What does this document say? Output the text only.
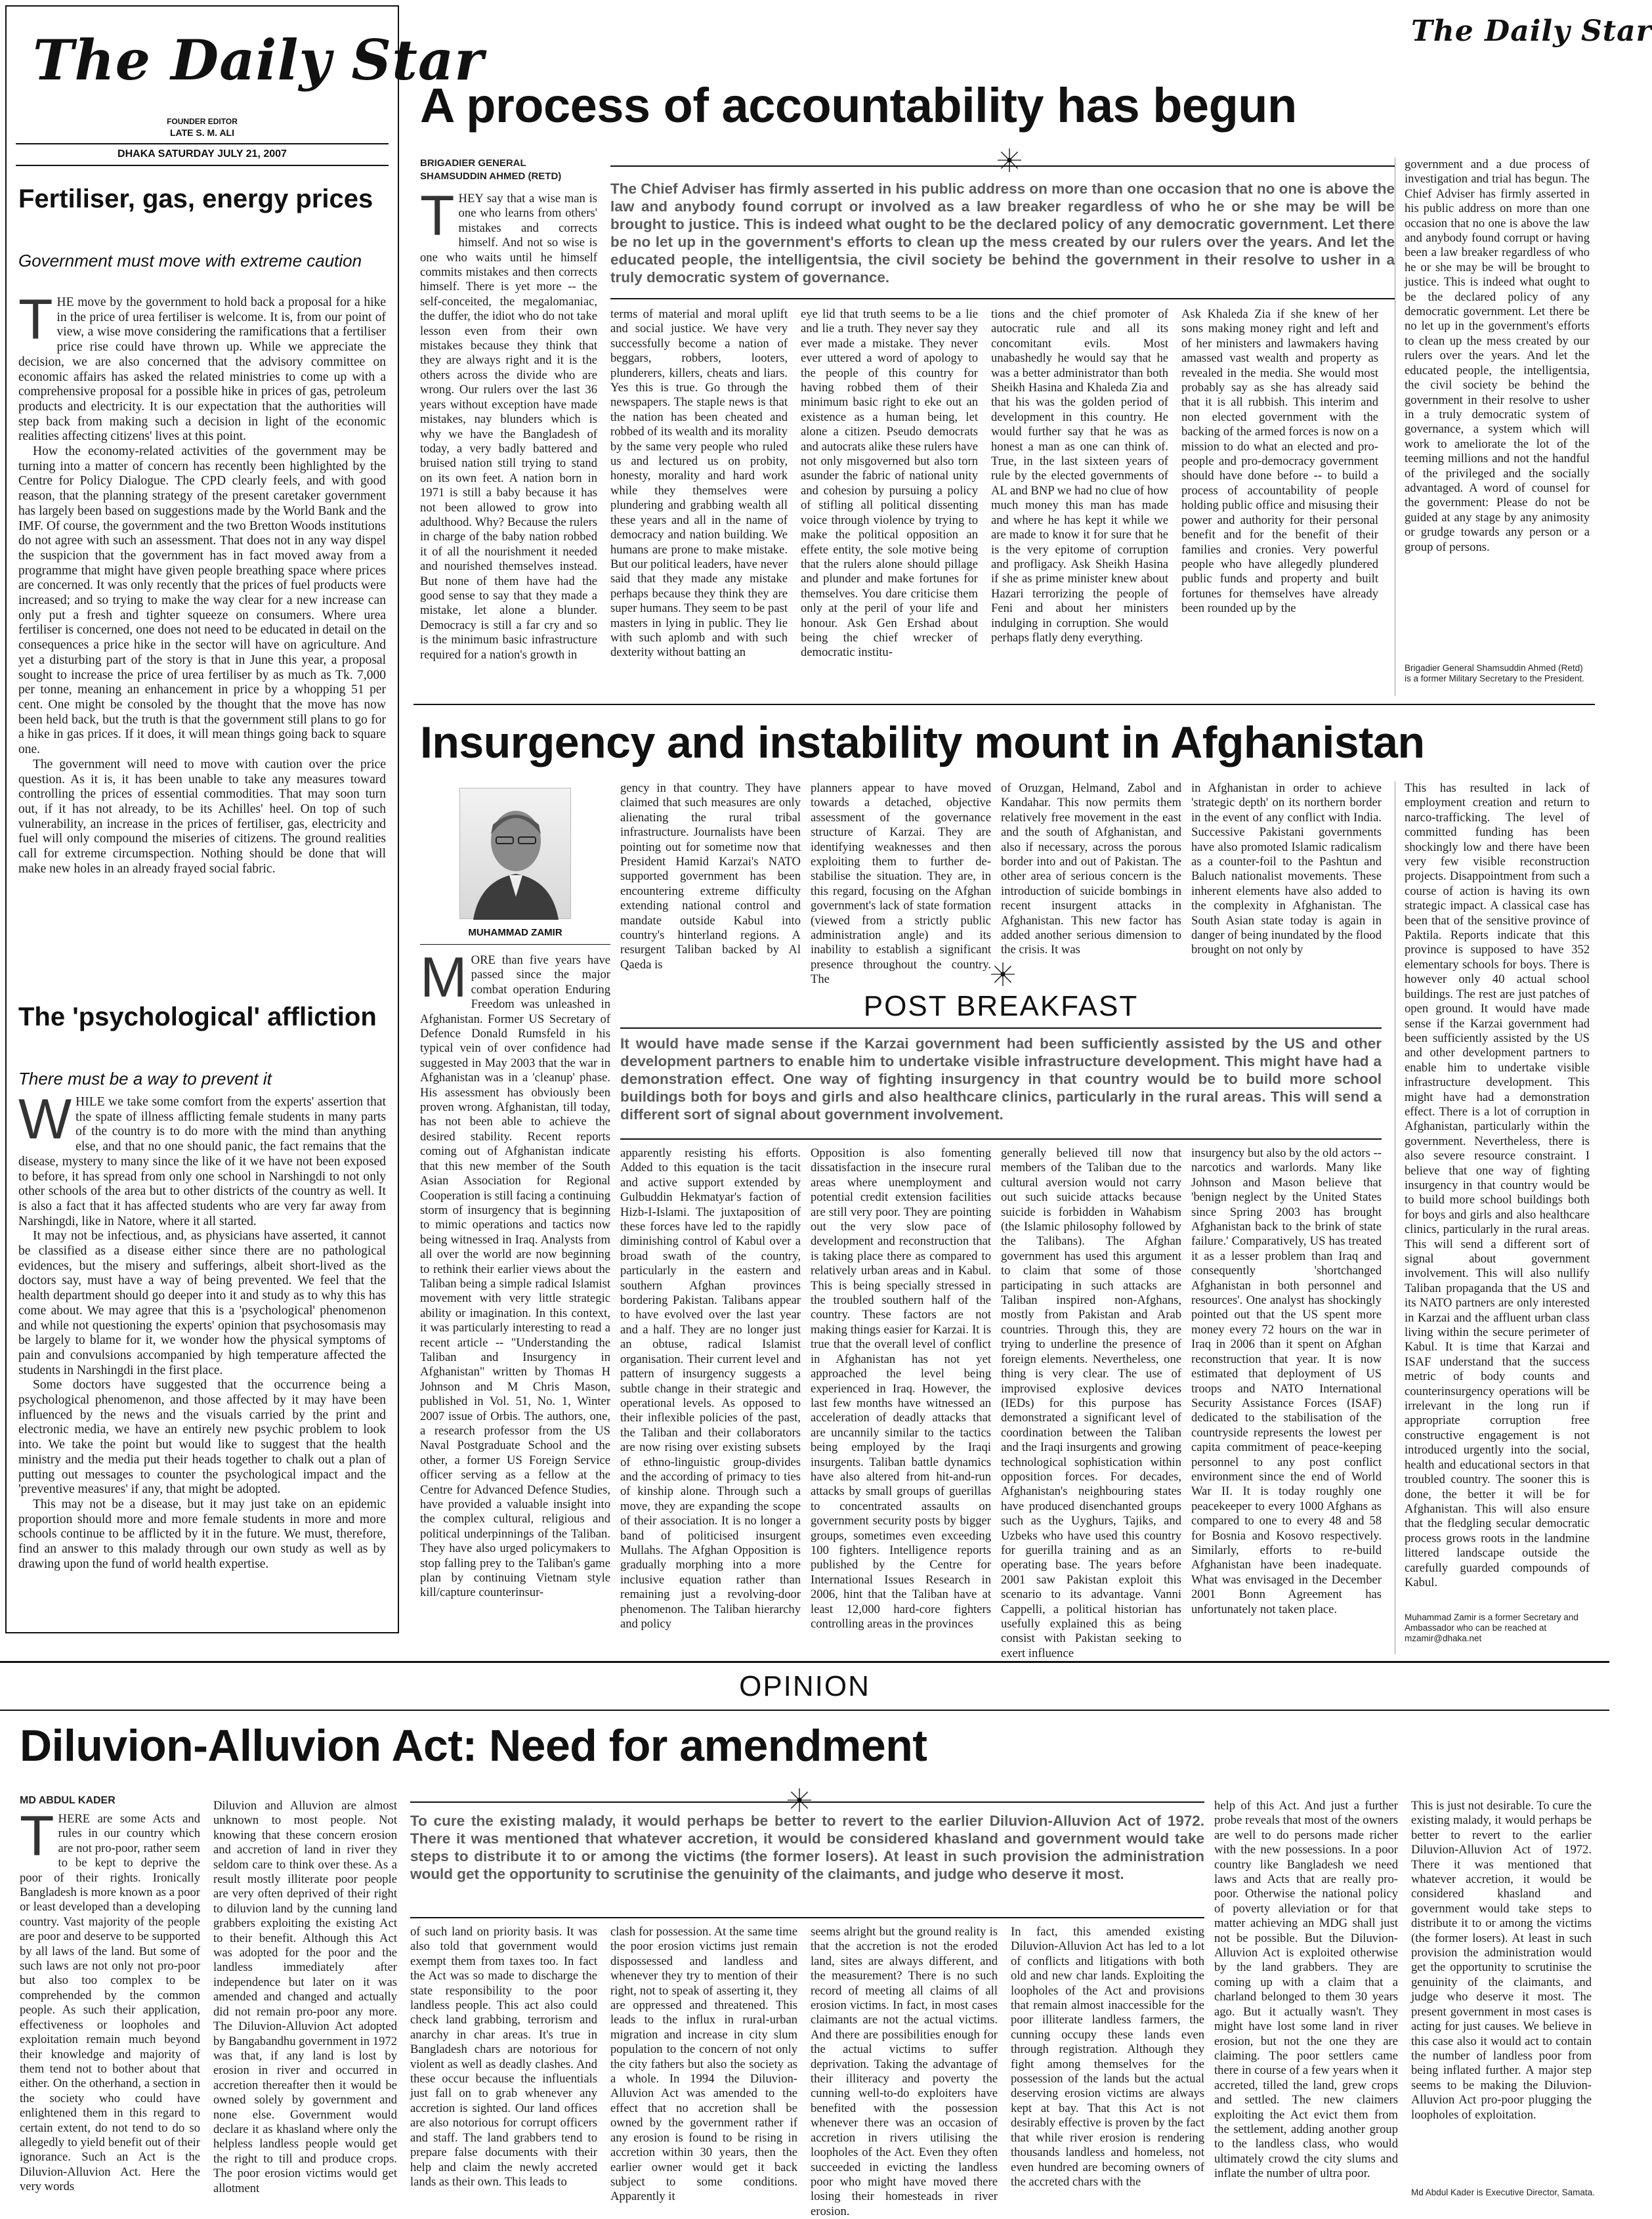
The Daily Star
FOUNDER EDITOR
LATE S. M. ALI
DHAKA SATURDAY JULY 21, 2007
Fertiliser, gas, energy prices
Government must move with extreme caution

THE move by the government to hold back a proposal for a hike in the price of urea fertiliser is welcome. It is, from our point of view, a wise move considering the ramifications that a fertiliser price rise could have thrown up. While we appreciate the decision, we are also concerned that the advisory committee on economic affairs has asked the related ministries to come up with a comprehensive proposal for a possible hike in prices of gas, petroleum products and electricity. It is our expectation that the authorities will step back from making such a decision in light of the economic realities affecting citizens' lives at this point.

How the economy-related activities of the government may be turning into a matter of concern has recently been highlighted by the Centre for Policy Dialogue. The CPD clearly feels, and with good reason, that the planning strategy of the present caretaker government has largely been based on suggestions made by the World Bank and the IMF. Of course, the government and the two Bretton Woods institutions do not agree with such an assessment. That does not in any way dispel the suspicion that the government has in fact moved away from a programme that might have given people breathing space where prices are concerned. It was only recently that the prices of fuel products were increased; and so trying to make the way clear for a new increase can only put a fresh and tighter squeeze on consumers. Where urea fertiliser is concerned, one does not need to be educated in detail on the consequences a price hike in the sector will have on agriculture. And yet a disturbing part of the story is that in June this year, a proposal sought to increase the price of urea fertiliser by as much as Tk. 7,000 per tonne, meaning an enhancement in price by a whopping 51 per cent. One might be consoled by the thought that the move has now been held back, but the truth is that the government still plans to go for a hike in gas prices. If it does, it will mean things going back to square one.

The government will need to move with caution over the price question. As it is, it has been unable to take any measures toward controlling the prices of essential commodities. That may soon turn out, if it has not already, to be its Achilles' heel. On top of such vulnerability, an increase in the prices of fertiliser, gas, electricity and fuel will only compound the miseries of citizens. The ground realities call for extreme circumspection. Nothing should be done that will make new holes in an already frayed social fabric.

The 'psychological' affliction
There must be a way to prevent it

WHILE we take some comfort from the experts' assertion that the spate of illness afflicting female students in many parts of the country is to do more with the mind than anything else, and that no one should panic, the fact remains that the disease, mystery to many since the like of it we have not been exposed to before, it has spread from only one school in Narshingdi to not only other schools of the area but to other districts of the country as well. It is also a fact that it has affected students who are very far away from Narshingdi, like in Natore, where it all started.

It may not be infectious, and, as physicians have asserted, it cannot be classified as a disease either since there are no pathological evidences, but the misery and sufferings, albeit short-lived as the doctors say, must have a way of being prevented. We feel that the health department should go deeper into it and study as to why this has come about. We may agree that this is a 'psychological' phenomenon and while not questioning the experts' opinion that psychosomasis may be largely to blame for it, we wonder how the physical symptoms of pain and convulsions accompanied by high temperature affected the students in Narshingdi in the first place.

Some doctors have suggested that the occurrence being a psychological phenomenon, and those affected by it may have been influenced by the news and the visuals carried by the print and electronic media, we have an entirely new psychic problem to look into. We take the point but would like to suggest that the health ministry and the media put their heads together to chalk out a plan of putting out messages to counter the psychological impact and the 'preventive measures' if any, that might be adopted.

This may not be a disease, but it may just take on an epidemic proportion should more and more female students in more and more schools continue to be afflicted by it in the future. We must, therefore, find an answer to this malady through our own study as well as by drawing upon the fund of world health expertise.

The Daily Star
A process of accountability has begun
BRIGADIER GENERAL
SHAMSUDDIN AHMED (RETD)
The Chief Adviser has firmly asserted in his public address on more than one occasion that no one is above the law and anybody found corrupt or involved as a law breaker regardless of who he or she may be will be brought to justice. This is indeed what ought to be the declared policy of any democratic government. Let there be no let up in the government's efforts to clean up the mess created by our rulers over the years. And let the educated people, the intelligentsia, the civil society be behind the government in their resolve to usher in a truly democratic system of governance.
THEY say that a wise man is one who learns from others' mistakes and corrects himself. And not so wise is one who waits until he himself commits mistakes and then corrects himself. There is yet more -- the self-conceited, the megalomaniac, the duffer, the idiot who do not take lesson even from their own mistakes because they think that they are always right and it is the others across the divide who are wrong. Our rulers over the last 36 years without exception have made mistakes, nay blunders which is why we have the Bangladesh of today, a very badly battered and bruised nation still trying to stand on its own feet. A nation born in 1971 is still a baby because it has not been allowed to grow into adulthood. Why? Because the rulers in charge of the baby nation robbed it of all the nourishment it needed and nourished themselves instead. But none of them have had the good sense to say that they made a mistake, let alone a blunder. Democracy is still a far cry and so is the minimum basic infrastructure required for a nation's growth in
terms of material and moral uplift and social justice. We have very successfully become a nation of beggars, robbers, looters, plunderers, killers, cheats and liars. Yes this is true. Go through the newspapers. The staple news is that the nation has been cheated and robbed of its wealth and its morality by the same very people who ruled us and lectured us on probity, honesty, morality and hard work while they themselves were plundering and grabbing wealth all these years and all in the name of democracy and nation building. We humans are prone to make mistake. But our political leaders, have never said that they made any mistake perhaps because they think they are super humans. They seem to be past masters in lying in public. They lie with such aplomb and with such dexterity without batting an
eye lid that truth seems to be a lie and lie a truth. They never say they ever made a mistake. They never ever uttered a word of apology to the people of this country for having robbed them of their minimum basic right to eke out an existence as a human being, let alone a citizen. Pseudo democrats and autocrats alike these rulers have not only misgoverned but also torn asunder the fabric of national unity and cohesion by pursuing a policy of stifling all political dissenting voice through violence by trying to make the political opposition an effete entity, the sole motive being that the rulers alone should pillage and plunder and make fortunes for themselves. You dare criticise them only at the peril of your life and honour. Ask Gen Ershad about being the chief wrecker of democratic institu-
tions and the chief promoter of autocratic rule and all its concomitant evils. Most unabashedly he would say that he was a better administrator than both Sheikh Hasina and Khaleda Zia and that his was the golden period of development in this country. He would further say that he was as honest a man as one can think of. True, in the last sixteen years of rule by the elected governments of AL and BNP we had no clue of how much money this man has made and where he has kept it while we are made to know it for sure that he is the very epitome of corruption and profligacy. Ask Sheikh Hasina if she as prime minister knew about Hazari terrorizing the people of Feni and about her ministers indulging in corruption. She would perhaps flatly deny everything.
Ask Khaleda Zia if she knew of her sons making money right and left and of her ministers and lawmakers having amassed vast wealth and property as revealed in the media. She would most probably say as she has already said that it is all rubbish. This interim and non elected government with the backing of the armed forces is now on a mission to do what an elected and pro-people and pro-democracy government should have done before -- to build a process of accountability of people holding public office and misusing their power and authority for their personal benefit and for the benefit of their families and cronies. Very powerful people who have allegedly plundered public funds and property and built fortunes for themselves have already been rounded up by the
government and a due process of investigation and trial has begun. The Chief Adviser has firmly asserted in his public address on more than one occasion that no one is above the law and anybody found corrupt or having been a law breaker regardless of who he or she may be will be brought to justice. This is indeed what ought to be the declared policy of any democratic government. Let there be no let up in the government's efforts to clean up the mess created by our rulers over the years. And let the educated people, the intelligentsia, the civil society be behind the government in their resolve to usher in a truly democratic system of governance, a system which will work to ameliorate the lot of the teeming millions and not the handful of the privileged and the socially advantaged. A word of counsel for the government: Please do not be guided at any stage by any animosity or grudge towards any person or a group of persons.
Brigadier General Shamsuddin Ahmed (Retd) is a former Military Secretary to the President.
Insurgency and instability mount in Afghanistan
MUHAMMAD ZAMIR
MORE than five years have passed since the major combat operation Enduring Freedom was unleashed in Afghanistan. Former US Secretary of Defence Donald Rumsfeld in his typical vein of over confidence had suggested in May 2003 that the war in Afghanistan was in a 'cleanup' phase. His assessment has obviously been proven wrong. Afghanistan, till today, has not been able to achieve the desired stability. Recent reports coming out of Afghanistan indicate that this new member of the South Asian Association for Regional Cooperation is still facing a continuing storm of insurgency that is beginning to mimic operations and tactics now being witnessed in Iraq. Analysts from all over the world are now beginning to rethink their earlier views about the Taliban being a simple radical Islamist movement with very little strategic ability or imagination. In this context, it was particularly interesting to read a recent article -- "Understanding the Taliban and Insurgency in Afghanistan" written by Thomas H Johnson and M Chris Mason, published in Vol. 51, No. 1, Winter 2007 issue of Orbis. The authors, one, a research professor from the US Naval Postgraduate School and the other, a former US Foreign Service officer serving as a fellow at the Centre for Advanced Defence Studies, have provided a valuable insight into the complex cultural, religious and political underpinnings of the Taliban. They have also urged policymakers to stop falling prey to the Taliban's game plan by continuing Vietnam style kill/capture counterinsur-
gency in that country. They have claimed that such measures are only alienating the rural tribal infrastructure. Journalists have been pointing out for sometime now that President Hamid Karzai's NATO supported government has been encountering extreme difficulty extending national control and mandate outside Kabul into country's hinterland regions. A resurgent Taliban backed by Al Qaeda is
planners appear to have moved towards a detached, objective assessment of the governance structure of Karzai. They are identifying weaknesses and then exploiting them to further de-stabilise the situation. They are, in this regard, focusing on the Afghan government's lack of state formation (viewed from a strictly public administration angle) and its inability to establish a significant presence throughout the country. The
of Oruzgan, Helmand, Zabol and Kandahar. This now permits them relatively free movement in the east and the south of Afghanistan, and also if necessary, across the porous border into and out of Pakistan. The other area of serious concern is the introduction of suicide bombings in recent insurgent attacks in Afghanistan. This new factor has added another serious dimension to the crisis. It was
in Afghanistan in order to achieve 'strategic depth' on its northern border in the event of any conflict with India. Successive Pakistani governments have also promoted Islamic radicalism as a counter-foil to the Pashtun and Baluch nationalist movements. These inherent elements have also added to the complexity in Afghanistan. The South Asian state today is again in danger of being inundated by the flood brought on not only by
POST BREAKFAST
It would have made sense if the Karzai government had been sufficiently assisted by the US and other development partners to enable him to undertake visible infrastructure development. This might have had a demonstration effect. One way of fighting insurgency in that country would be to build more school buildings both for boys and girls and also healthcare clinics, particularly in the rural areas. This will send a different sort of signal about government involvement.
apparently resisting his efforts. Added to this equation is the tacit and active support extended by Gulbuddin Hekmatyar's faction of Hizb-I-Islami. The juxtaposition of these forces have led to the rapidly diminishing control of Kabul over a broad swath of the country, particularly in the eastern and southern Afghan provinces bordering Pakistan. Talibans appear to have evolved over the last year and a half. They are no longer just an obtuse, radical Islamist organisation. Their current level and pattern of insurgency suggests a subtle change in their strategic and operational levels. As opposed to their inflexible policies of the past, the Taliban and their collaborators are now rising over existing subsets of ethno-linguistic group-divides and the according of primacy to ties of kinship alone. Through such a move, they are expanding the scope of their association. It is no longer a band of politicised insurgent Mullahs. The Afghan Opposition is gradually morphing into a more inclusive equation rather than remaining just a revolving-door phenomenon. The Taliban hierarchy and policy
Opposition is also fomenting dissatisfaction in the insecure rural areas where unemployment and potential credit extension facilities are still very poor. They are pointing out the very slow pace of development and reconstruction that is taking place there as compared to relatively urban areas and in Kabul. This is being specially stressed in the troubled southern half of the country. These factors are not making things easier for Karzai. It is true that the overall level of conflict in Afghanistan has not yet approached the level being experienced in Iraq. However, the last few months have witnessed an acceleration of deadly attacks that are uncannily similar to the tactics being employed by the Iraqi insurgents. Taliban battle dynamics have also altered from hit-and-run attacks by small groups of guerillas to concentrated assaults on government security posts by bigger groups, sometimes even exceeding 100 fighters. Intelligence reports published by the Centre for International Issues Research in 2006, hint that the Taliban have at least 12,000 hard-core fighters controlling areas in the provinces
generally believed till now that members of the Taliban due to the cultural aversion would not carry out such suicide attacks because suicide is forbidden in Wahabism (the Islamic philosophy followed by the Talibans). The Afghan government has used this argument to claim that some of those participating in such attacks are Taliban inspired non-Afghans, mostly from Pakistan and Arab countries. Through this, they are trying to underline the presence of foreign elements. Nevertheless, one thing is very clear. The use of improvised explosive devices (IEDs) for this purpose has demonstrated a significant level of coordination between the Taliban and the Iraqi insurgents and growing technological sophistication within opposition forces. For decades, Afghanistan's neighbouring states have produced disenchanted groups such as the Uyghurs, Tajiks, and Uzbeks who have used this country for guerilla training and as an operating base. The years before 2001 saw Pakistan exploit this scenario to its advantage. Vanni Cappelli, a political historian has usefully explained this as being consist with Pakistan seeking to exert influence
insurgency but also by the old actors -- narcotics and warlords. Many like Johnson and Mason believe that 'benign neglect by the United States since Spring 2003 has brought Afghanistan back to the brink of state failure.' Comparatively, US has treated it as a lesser problem than Iraq and consequently 'shortchanged Afghanistan in both personnel and resources'. One analyst has shockingly pointed out that the US spent more money every 72 hours on the war in Iraq in 2006 than it spent on Afghan reconstruction that year. It is now estimated that deployment of US troops and NATO International Security Assistance Forces (ISAF) dedicated to the stabilisation of the countryside represents the lowest per capita commitment of peace-keeping personnel to any post conflict environment since the end of World War II. It is today roughly one peacekeeper to every 1000 Afghans as compared to one to every 48 and 58 for Bosnia and Kosovo respectively. Similarly, efforts to re-build Afghanistan have been inadequate. What was envisaged in the December 2001 Bonn Agreement has unfortunately not taken place.
This has resulted in lack of employment creation and return to narco-trafficking. The level of committed funding has been shockingly low and there have been very few visible reconstruction projects. Disappointment from such a course of action is having its own strategic impact. A classical case has been that of the sensitive province of Paktila. Reports indicate that this province is supposed to have 352 elementary schools for boys. There is however only 40 actual school buildings. The rest are just patches of open ground. It would have made sense if the Karzai government had been sufficiently assisted by the US and other development partners to enable him to undertake visible infrastructure development. This might have had a demonstration effect. There is a lot of corruption in Afghanistan, particularly within the government. Nevertheless, there is also severe resource constraint. I believe that one way of fighting insurgency in that country would be to build more school buildings both for boys and girls and also healthcare clinics, particularly in the rural areas. This will send a different sort of signal about government involvement. This will also nullify Taliban propaganda that the US and its NATO partners are only interested in Karzai and the affluent urban class living within the secure perimeter of Kabul. It is time that Karzai and ISAF understand that the success metric of body counts and counterinsurgency operations will be irrelevant in the long run if appropriate corruption free constructive engagement is not introduced urgently into the social, health and educational sectors in that troubled country. The sooner this is done, the better it will be for Afghanistan. This will also ensure that the fledgling secular democratic process grows roots in the landmine littered landscape outside the carefully guarded compounds of Kabul.
Muhammad Zamir is a former Secretary and Ambassador who can be reached at mzamir@dhaka.net
OPINION
Diluvion-Alluvion Act: Need for amendment
MD ABDUL KADER
To cure the existing malady, it would perhaps be better to revert to the earlier Diluvion-Alluvion Act of 1972. There it was mentioned that whatever accretion, it would be considered khasland and government would take steps to distribute it to or among the victims (the former losers). At least in such provision the administration would get the opportunity to scrutinise the genuinity of the claimants, and judge who deserve it most.
THERE are some Acts and rules in our country which are not pro-poor, rather seem to be kept to deprive the poor of their rights. Ironically Bangladesh is more known as a poor or least developed than a developing country. Vast majority of the people are poor and deserve to be supported by all laws of the land. But some of such laws are not only not pro-poor but also too complex to be comprehended by the common people. As such their application, effectiveness or loopholes and exploitation remain much beyond their knowledge and majority of them tend not to bother about that either. On the otherhand, a section in the society who could have enlightened them in this regard to certain extent, do not tend to do so allegedly to yield benefit out of their ignorance. Such an Act is the Diluvion-Alluvion Act. Here the very words
Diluvion and Alluvion are almost unknown to most people. Not knowing that these concern erosion and accretion of land in river they seldom care to think over these. As a result mostly illiterate poor people are very often deprived of their right to diluvion land by the cunning land grabbers exploiting the existing Act to their benefit. Although this Act was adopted for the poor and the landless immediately after independence but later on it was amended and changed and actually did not remain pro-poor any more. The Diluvion-Alluvion Act adopted by Bangabandhu government in 1972 was that, if any land is lost by erosion in river and occurred in accretion thereafter then it would be owned solely by government and none else. Government would declare it as khasland where only the helpless landless people would get the right to till and produce crops. The poor erosion victims would get allotment
of such land on priority basis. It was also told that government would exempt them from taxes too. In fact the Act was so made to discharge the state responsibility to the poor landless people. This act also could check land grabbing, terrorism and anarchy in char areas. It's true in Bangladesh chars are notorious for violent as well as deadly clashes. And these occur because the influentials just fall on to grab whenever any accretion is sighted. Our land offices are also notorious for corrupt officers and staff. The land grabbers tend to prepare false documents with their help and claim the newly accreted lands as their own. This leads to
clash for possession. At the same time the poor erosion victims just remain dispossessed and landless and whenever they try to mention of their right, not to speak of asserting it, they are oppressed and threatened. This leads to the influx in rural-urban migration and increase in city slum population to the concern of not only the city fathers but also the society as a whole. In 1994 the Diluvion-Alluvion Act was amended to the effect that no accretion shall be owned by the government rather if any erosion is found to be rising in accretion within 30 years, then the earlier owner would get it back subject to some conditions. Apparently it
seems alright but the ground reality is that the accretion is not the eroded land, sites are always different, and the measurement? There is no such record of meeting all claims of all erosion victims. In fact, in most cases claimants are not the actual victims. And there are possibilities enough for the actual victims to suffer deprivation. Taking the advantage of their illiteracy and poverty the cunning well-to-do exploiters have benefited with the possession whenever there was an occasion of accretion in rivers utilising the loopholes of the Act. Even they often succeeded in evicting the landless poor who might have moved there losing their homesteads in river erosion.
In fact, this amended existing Diluvion-Alluvion Act has led to a lot of conflicts and litigations with both old and new char lands. Exploiting the loopholes of the Act and provisions that remain almost inaccessible for the poor illiterate landless farmers, the cunning occupy these lands even through registration. Although they fight among themselves for the possession of the lands but the actual deserving erosion victims are always kept at bay. That this Act is not desirably effective is proven by the fact that while river erosion is rendering thousands landless and homeless, not even hundred are becoming owners of the accreted chars with the
help of this Act. And just a further probe reveals that most of the owners are well to do persons made richer with the new possessions. In a poor country like Bangladesh we need laws and Acts that are really pro-poor. Otherwise the national policy of poverty alleviation or for that matter achieving an MDG shall just not be possible. But the Diluvion-Alluvion Act is exploited otherwise by the land grabbers. They are coming up with a claim that a charland belonged to them 30 years ago. But it actually wasn't. They might have lost some land in river erosion, but not the one they are claiming. The poor settlers came there in course of a few years when it accreted, tilled the land, grew crops and settled. The new claimers exploiting the Act evict them from the settlement, adding another group to the landless class, who would ultimately crowd the city slums and inflate the number of ultra poor.
This is just not desirable. To cure the existing malady, it would perhaps be better to revert to the earlier Diluvion-Alluvion Act of 1972. There it was mentioned that whatever accretion, it would be considered khasland and government would take steps to distribute it to or among the victims (the former losers). At least in such provision the administration would get the opportunity to scrutinise the genuinity of the claimants, and judge who deserve it most. The present government in most cases is acting for just causes. We believe in this case also it would act to contain the number of landless poor from being inflated further. A major step seems to be making the Diluvion-Alluvion Act pro-poor plugging the loopholes of exploitation.
Md Abdul Kader is Executive Director, Samata.
